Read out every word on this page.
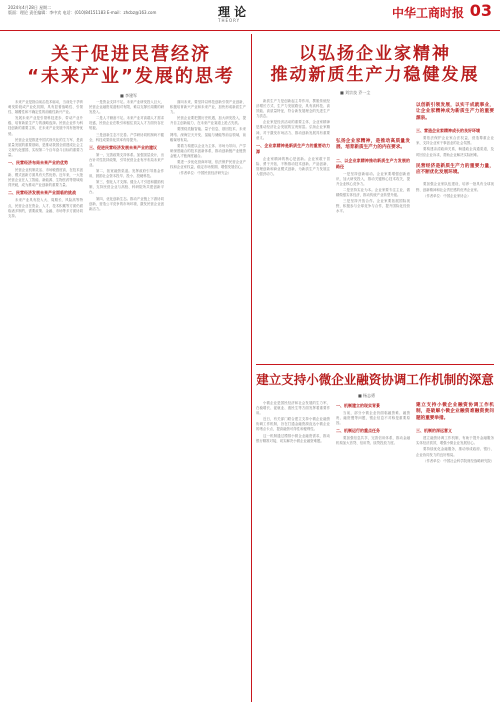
2024年4月28日 星期二
版面：理论 责任编辑：李中宾 电话：(010)84151183 E-mail：zhcbz@163.com	理 论
THEORY
中华工商时报 03
关于促进民营经济
“未来产业”发展的思考
■ 李建军

未来产业是指由前沿技术驱动，当前处于孕育萌发阶段或产业化初期，具有显著战略性、引领性、颠覆性和不确定性的前瞻性新兴产业。

发展未来产业是引领科技进步、带动产业升级、培育新质生产力的战略选择。民营企业作为科技创新的重要主体，在未来产业发展中具有独特优势。

民营企业是推进中国式现代化的生力军，是高质量发展的重要基础，是推动我国全面建成社会主义现代化强国、实现第二个百年奋斗目标的重要力量。

一、民营经济布局未来产业的优势

民营企业机制灵活、市场敏感度高，在技术创新、模式创新方面具有天然优势。近年来，一大批民营企业在人工智能、新能源、生物医药等领域取得突破，成为推动产业创新的重要力量。

二、民营经济发展未来产业面临的挑战

未来产业具有投入大、周期长、风险高等特点，民营企业在资金、人才、技术积累等方面仍面临诸多制约，需要政策、金融、市场等多方面协同支持。

一是资金支持不足。未来产业研发投入巨大，民营企业融资渠道相对有限，难以支撑长周期的研发投入。

二是人才储备不足。未来产业对高端人才需求旺盛，民营企业在吸引和留住顶尖人才方面仍存在短板。

三是创新生态不完善。产学研协同机制尚不健全，科技成果转化效率有待提升。

三、促进民营经济发展未来产业的建议

第一，完善政策支持体系。加强顶层设计，出台针对性扶持政策，引导民营企业有序布局未来产业。

第二，拓宽融资渠道。发挥政府引导基金作用，鼓励社会资本投早、投小、投硬科技。

第三，强化人才支撑。健全人才引进和激励机制，支持民营企业与高校、科研院所共建创新平台。

第四，优化创新生态。推动产业链上下游协同创新，营造公平竞争的市场环境，激发民营企业创新活力。

面向未来，要坚持以科技创新引领产业创新，积极培育新兴产业和未来产业，加快形成新质生产力。

民营企业要把握历史机遇，加大研发投入，提升自主创新能力，在未来产业赛道上抢占先机。

要围绕类脑智能、量子信息、基因技术、未来网络、深海空天开发、氢能与储能等前沿领域，前瞻谋划布局。

要着力构建以企业为主体、市场为导向、产学研深度融合的技术创新体系，推动创新链产业链资金链人才链深度融合。

要进一步优化营商环境，依法保护民营企业产权和企业家权益，稳定市场预期，增强发展信心。

（作者单位：中国民营经济研究会）

以弘扬企业家精神
推动新质生产力稳健发展
■ 刘宗良 乔一尘

新质生产力是创新起主导作用，摆脱传统经济增长方式、生产力发展路径，具有高科技、高效能、高质量特征，符合新发展理念的先进生产力质态。

企业家是经济活动的重要主体，企业家精神是推动经济社会发展的宝贵财富。弘扬企业家精神，对于激发市场活力、推动创新发展具有重要意义。

一、企业家精神是新质生产力的重要动力源

企业家精神的核心是创新。企业家敢于冒险、勇于开拓，不断推动技术创新、产品创新、管理创新和商业模式创新，为新质生产力发展注入强劲动力。

弘扬企业家精神，是推动高质量发展、培育新质生产力的内在要求。
二、以企业家精神推动新质生产力发展的路径

一是坚持创新驱动。企业家要增强创新意识，加大研发投入，推动关键核心技术攻关，提升企业核心竞争力。

二是坚持实业为本。企业家要专注主业，做精做强实体经济，推动传统产业转型升级。

三是坚持开放合作。企业家要拓展国际视野，积极参与全球竞争与合作，提升国际化经营水平。

以创新引领发展，以实干成就事业，让企业家精神成为新质生产力的重要源泉。
三、营造企业家精神成长的良好环境

要依法保护企业家合法权益，营造尊重企业家、支持企业家干事创业的社会氛围。

要构建亲清政商关系，畅通政企沟通渠道，及时回应企业诉求，帮助企业解决实际困难。

民营经济是新质生产力的重要力量，应不断优化发展环境。

要加强企业家队伍建设，培养一批具有全球视野、创新精神和社会责任感的优秀企业家。

（作者单位：中国企业家协会）

建立支持小微企业融资协调工作机制的深意
■ 杨志勇

小微企业是国民经济和社会发展的生力军，在稳增长、促就业、惠民生等方面发挥着重要作用。

近日，有关部门联合建立支持小微企业融资协调工作机制，旨在打通金融资源直达小微企业的堵点卡点，提高融资可得性和便利性。

这一机制通过摸排小微企业融资需求，推动银行精准对接，切实解决小微企业融资难题。

一、机制建立的现实背景

当前，部分小微企业仍面临融资难、融资贵、融资慢等问题，银企信息不对称是重要原因。

二、机制运行的重点任务

要加强信息共享，完善信用体系，推动金融机构加大首贷、信用贷、续贷投放力度。

建立支持小微企业融资协调工作机制，是破解小微企业融资难融资贵问题的重要举措。
三、机制的深远意义

建立融资协调工作机制，有助于提升金融服务实体经济质效，增强小微企业发展信心。

要持续优化金融服务，推动形成政府、银行、企业协同发力的良好格局。

（作者单位：中国社会科学院财经战略研究院）
